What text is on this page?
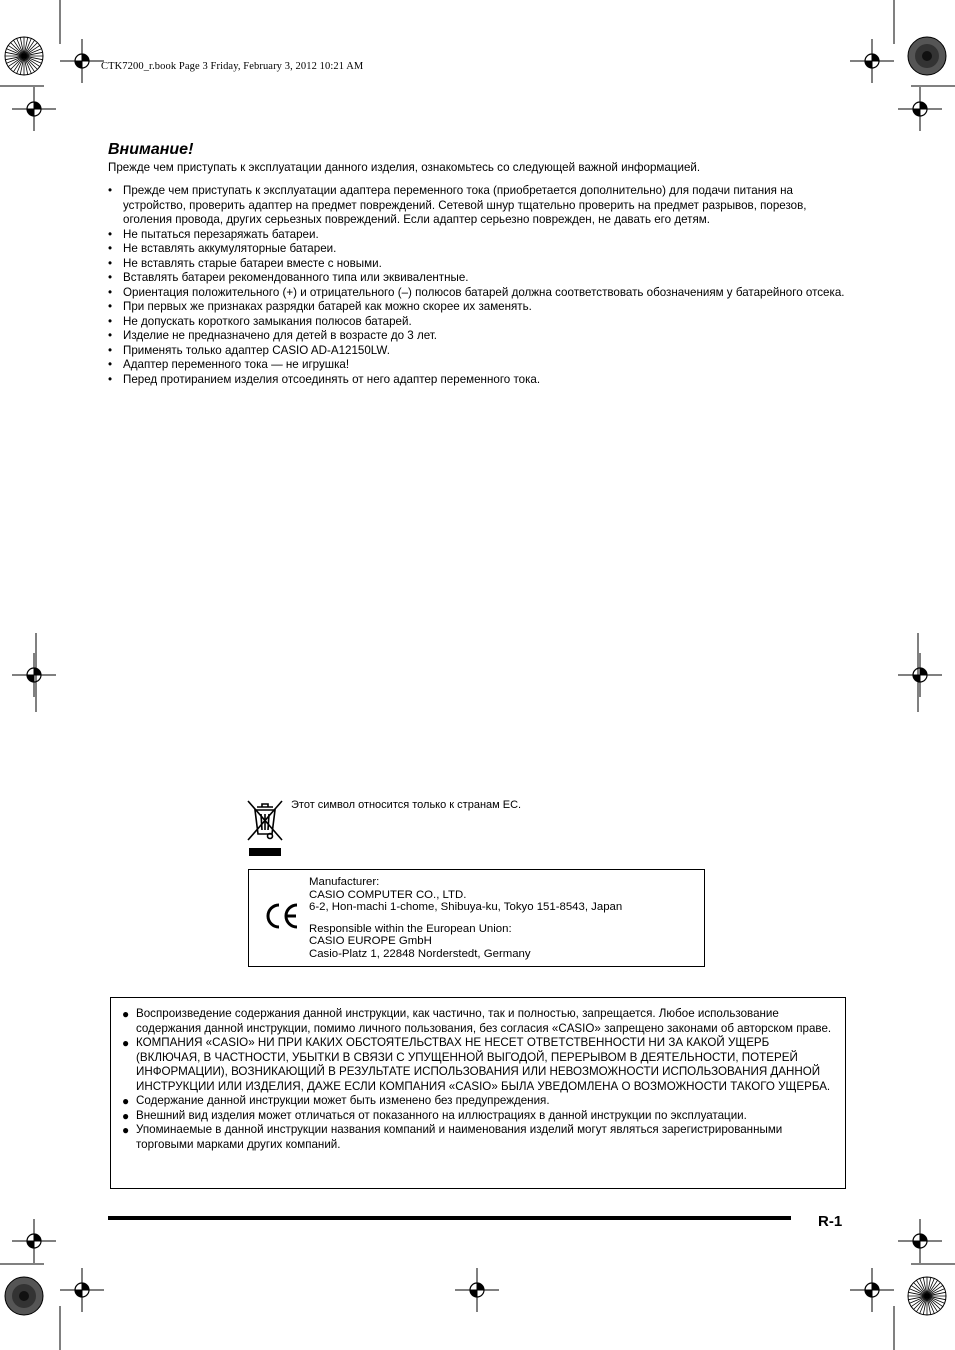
CTK7200_r.book Page 3 Friday, February 3, 2012 10:21 AM
Внимание!
Прежде чем приступать к эксплуатации данного изделия, ознакомьтесь со следующей важной информацией.
• Прежде чем приступать к эксплуатации адаптера переменного тока (приобретается дополнительно) для подачи питания на устройство, проверить адаптер на предмет повреждений. Сетевой шнур тщательно проверить на предмет разрывов, порезов, оголения провода, других серьезных повреждений. Если адаптер серьезно поврежден, не давать его детям.
• Не пытаться перезаряжать батареи.
• Не вставлять аккумуляторные батареи.
• Не вставлять старые батареи вместе с новыми.
• Вставлять батареи рекомендованного типа или эквивалентные.
• Ориентация положительного (+) и отрицательного (–) полюсов батарей должна соответствовать обозначениям у батарейного отсека.
• При первых же признаках разрядки батарей как можно скорее их заменять.
• Не допускать короткого замыкания полюсов батарей.
• Изделие не предназначено для детей в возрасте до 3 лет.
• Применять только адаптер CASIO AD-A12150LW.
• Адаптер переменного тока — не игрушка!
• Перед протиранием изделия отсоединять от него адаптер переменного тока.
Этот символ относится только к странам ЕС.
Manufacturer:
CASIO COMPUTER CO., LTD.
6-2, Hon-machi 1-chome, Shibuya-ku, Tokyo 151-8543, Japan
Responsible within the European Union:
CASIO EUROPE GmbH
Casio-Platz 1, 22848 Norderstedt, Germany
● Воспроизведение содержания данной инструкции, как частично, так и полностью, запрещается. Любое использование содержания данной инструкции, помимо личного пользования, без согласия «CASIO» запрещено законами об авторском праве.
● КОМПАНИЯ «CASIO» НИ ПРИ КАКИХ ОБСТОЯТЕЛЬСТВАХ НЕ НЕСЕТ ОТВЕТСТВЕННОСТИ НИ ЗА КАКОЙ УЩЕРБ (ВКЛЮЧАЯ, В ЧАСТНОСТИ, УБЫТКИ В СВЯЗИ С УПУЩЕННОЙ ВЫГОДОЙ, ПЕРЕРЫВОМ В ДЕЯТЕЛЬНОСТИ, ПОТЕРЕЙ ИНФОРМАЦИИ), ВОЗНИКАЮЩИЙ В РЕЗУЛЬТАТЕ ИСПОЛЬЗОВАНИЯ ИЛИ НЕВОЗМОЖНОСТИ ИСПОЛЬЗОВАНИЯ ДАННОЙ ИНСТРУКЦИИ ИЛИ ИЗДЕЛИЯ, ДАЖЕ ЕСЛИ КОМПАНИЯ «CASIO» БЫЛА УВЕДОМЛЕНА О ВОЗМОЖНОСТИ ТАКОГО УЩЕРБА.
● Содержание данной инструкции может быть изменено без предупреждения.
● Внешний вид изделия может отличаться от показанного на иллюстрациях в данной инструкции по эксплуатации.
● Упоминаемые в данной инструкции названия компаний и наименования изделий могут являться зарегистрированными торговыми марками других компаний.
R-1
